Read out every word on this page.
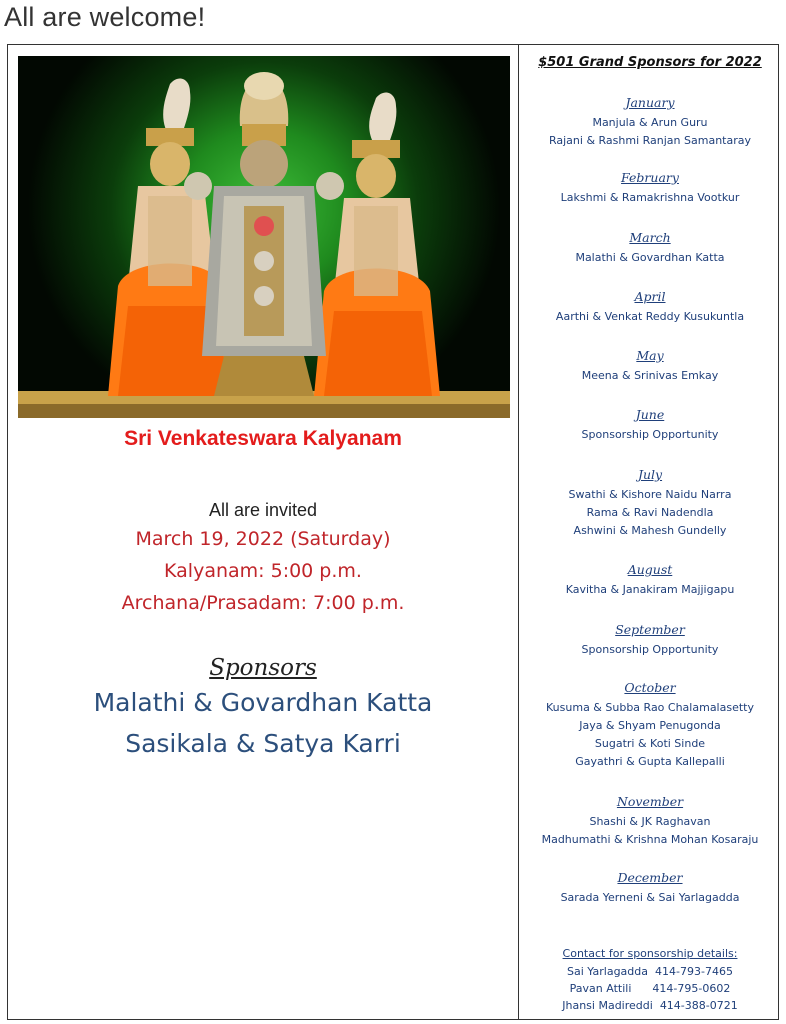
All are welcome!
Sri Venkateswara Kalyanam
All are invited
March 19, 2022 (Saturday)
Kalyanam: 5:00 p.m.
Archana/Prasadam: 7:00 p.m.
Sponsors
Malathi & Govardhan Katta
Sasikala & Satya Karri
$501 Grand Sponsors for 2022
January
Manjula & Arun Guru
Rajani & Rashmi Ranjan Samantaray
February
Lakshmi & Ramakrishna Vootkur
March
Malathi & Govardhan Katta
April
Aarthi & Venkat Reddy Kusukuntla
May
Meena & Srinivas Emkay
June
Sponsorship Opportunity
July
Swathi & Kishore Naidu Narra
Rama & Ravi Nadendla
Ashwini & Mahesh Gundelly
August
Kavitha & Janakiram Majjigapu
September
Sponsorship Opportunity
October
Kusuma & Subba Rao Chalamalasetty
Jaya & Shyam Penugonda
Sugatri & Koti Sinde
Gayathri & Gupta Kallepalli
November
Shashi & JK Raghavan
Madhumathi & Krishna Mohan Kosaraju
December
Sarada Yerneni & Sai Yarlagadda
Contact for sponsorship details:
Sai Yarlagadda 414-793-7465
Pavan Attili 414-795-0602
Jhansi Madireddi 414-388-0721
